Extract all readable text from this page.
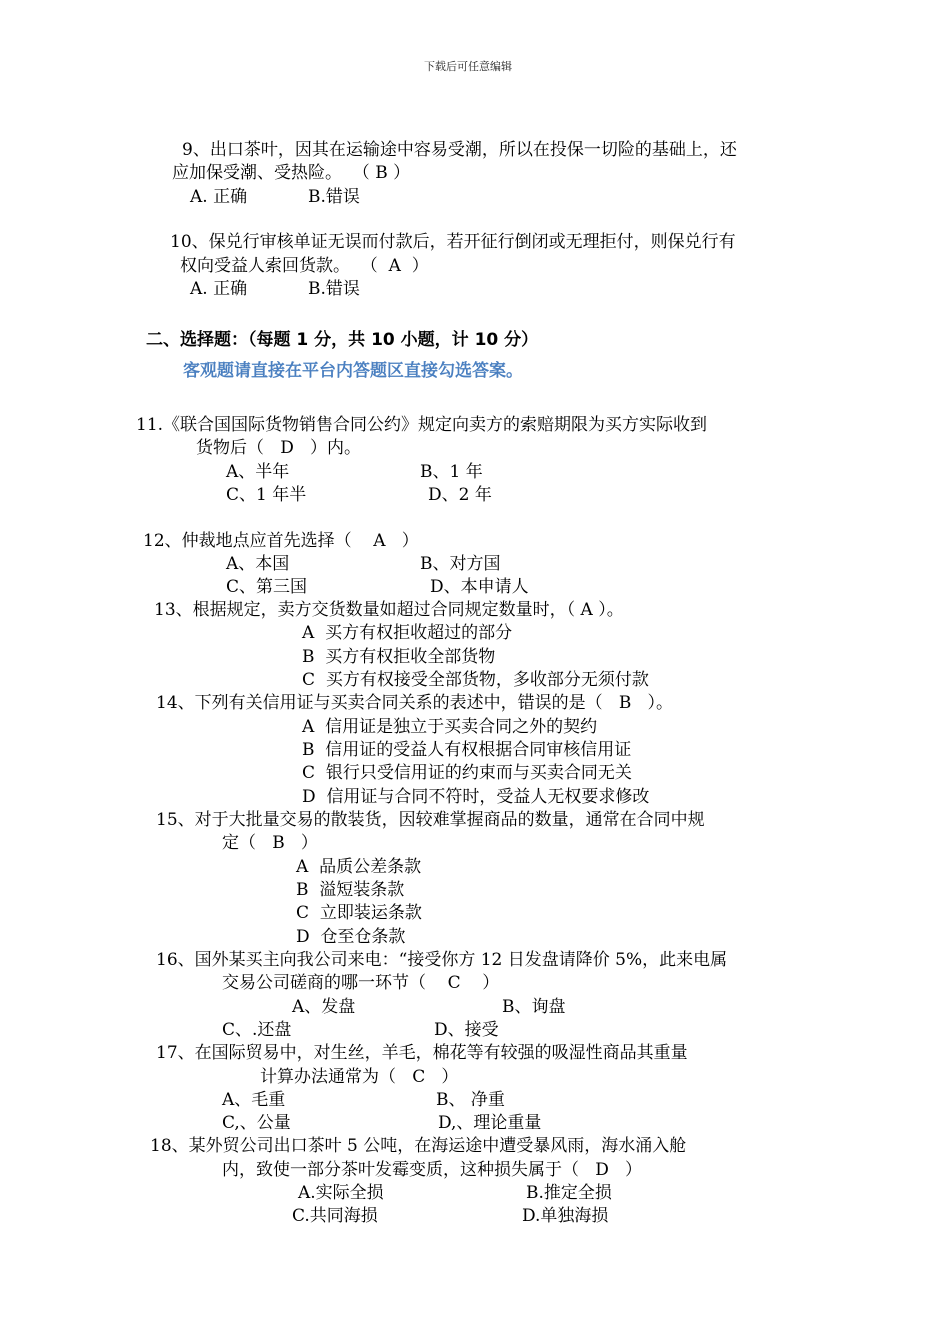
下载后可任意编辑
9、出口茶叶，因其在运输途中容易受潮，所以在投保一切险的基础上，还
应加保受潮、受热险。  （ B ）
A. 正确	B.错误
10、保兑行审核单证无误而付款后，若开征行倒闭或无理拒付，则保兑行有
权向受益人索回货款。  （  A  ）
A. 正确	B.错误
二、选择题：（每题 1 分，共 10 小题，计 10 分）
客观题请直接在平台内答题区直接勾选答案。
11.《联合国国际货物销售合同公约》规定向卖方的索赔期限为买方实际收到
货物后（   D   ）内。
A、半年	B、1 年
C、1 年半	D、2 年
12、仲裁地点应首先选择（    A   ）
A、本国	B、对方国
C、第三国	D、本申请人
13、根据规定，卖方交货数量如超过合同规定数量时，（ A ）。
A  买方有权拒收超过的部分
B  买方有权拒收全部货物
C  买方有权接受全部货物，多收部分无须付款
14、下列有关信用证与买卖合同关系的表述中，错误的是（   B   ）。
A  信用证是独立于买卖合同之外的契约
B  信用证的受益人有权根据合同审核信用证
C  银行只受信用证的约束而与买卖合同无关
D  信用证与合同不符时，受益人无权要求修改
15、对于大批量交易的散装货，因较难掌握商品的数量，通常在合同中规
定（   B   ）
A  品质公差条款
B  溢短装条款
C  立即装运条款
D  仓至仓条款
16、国外某买主向我公司来电：“接受你方 12 日发盘请降价 5%，此来电属
交易公司磋商的哪一环节（    C    ）
A、发盘	B、询盘
C、.还盘	D、接受
17、在国际贸易中，对生丝，羊毛，棉花等有较强的吸湿性商品其重量
计算办法通常为（   C   ）
A、毛重	B、 净重
C,、公量	D,、理论重量
18、某外贸公司出口茶叶 5 公吨，在海运途中遭受暴风雨，海水涌入舱
内，致使一部分茶叶发霉变质，这种损失属于（   D   ）
A.实际全损	B.推定全损
C.共同海损	D.单独海损
